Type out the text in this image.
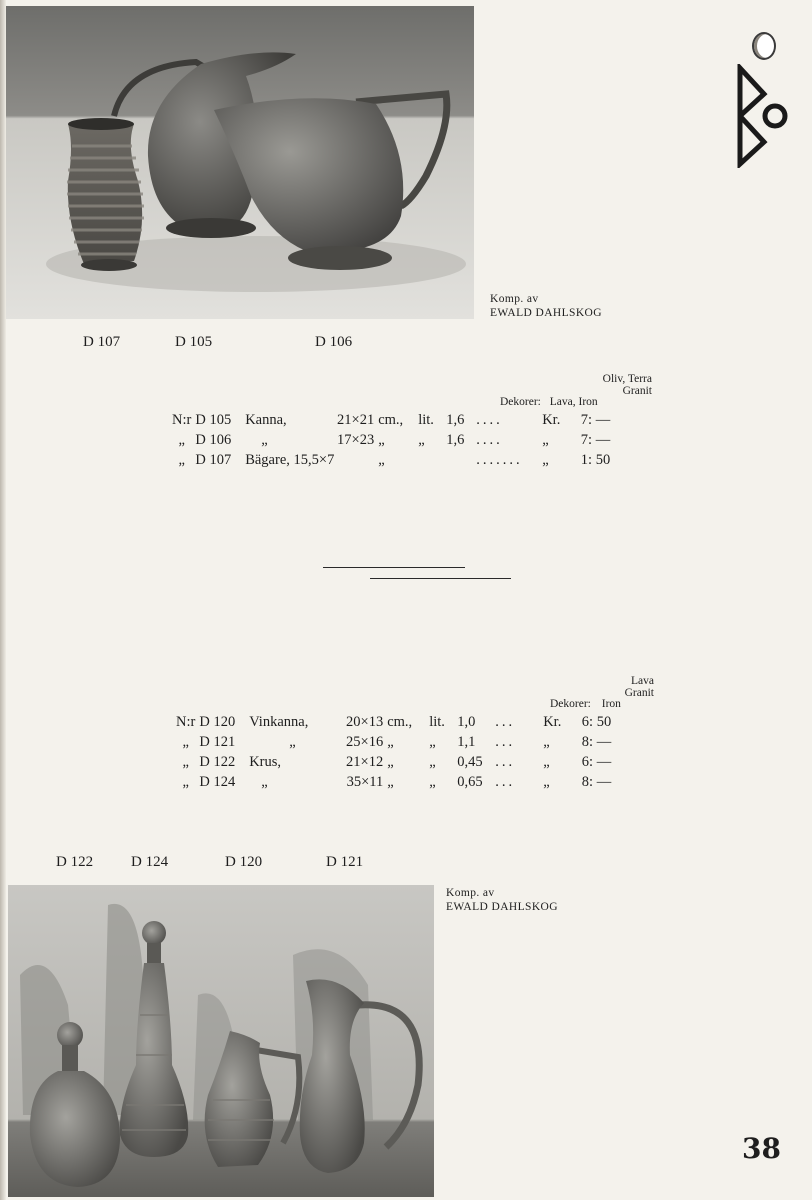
Komp. av
EWALD DAHLSKOG
D 107	D 105	D 106
Oliv, Terra
Granit
Dekorer: Lava, Iron
N:r	D 105	Kanna,	21×21	cm.,	lit.	1,6	....	Kr.	7: —
„	D 106	„	17×23	„	„	1,6	....	„	7: —
„	D 107	Bägare, 15,5×7		„			.......	„	1: 50
Lava
Granit
Dekorer: Iron
N:r	D 120	Vinkanna,	20×13	cm.,	lit.	1,0	...	Kr.	6: 50
„	D 121	„	25×16	„	„	1,1	...	„	8: —
„	D 122	Krus,	21×12	„	„	0,45	...	„	6: —
„	D 124	„	35×11	„	„	0,65	...	„	8: —
D 122	D 124	D 120	D 121
Komp. av
EWALD DAHLSKOG
38
